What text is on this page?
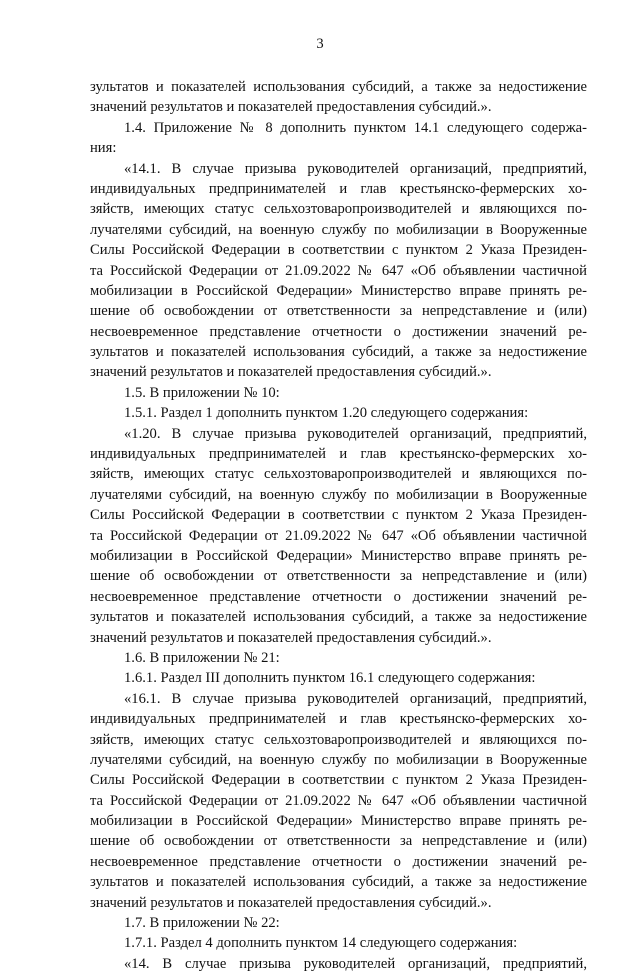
3
зультатов и показателей использования субсидий, а также за недостижение
значений результатов и показателей предоставления субсидий.».
1.4. Приложение № 8 дополнить пунктом 14.1 следующего содержа-
ния:
«14.1. В случае призыва руководителей организаций, предприятий,
индивидуальных предпринимателей и глав крестьянско-фермерских хо-
зяйств, имеющих статус сельхозтоваропроизводителей и являющихся по-
лучателями субсидий, на военную службу по мобилизации в Вооруженные
Силы Российской Федерации в соответствии с пунктом 2 Указа Президен-
та Российской Федерации от 21.09.2022 № 647 «Об объявлении частичной
мобилизации в Российской Федерации» Министерство вправе принять ре-
шение об освобождении от ответственности за непредставление и (или)
несвоевременное представление отчетности о достижении значений ре-
зультатов и показателей использования субсидий, а также за недостижение
значений результатов и показателей предоставления субсидий.».
1.5. В приложении № 10:
1.5.1. Раздел 1 дополнить пунктом 1.20 следующего содержания:
«1.20. В случае призыва руководителей организаций, предприятий,
индивидуальных предпринимателей и глав крестьянско-фермерских хо-
зяйств, имеющих статус сельхозтоваропроизводителей и являющихся по-
лучателями субсидий, на военную службу по мобилизации в Вооруженные
Силы Российской Федерации в соответствии с пунктом 2 Указа Президен-
та Российской Федерации от 21.09.2022 № 647 «Об объявлении частичной
мобилизации в Российской Федерации» Министерство вправе принять ре-
шение об освобождении от ответственности за непредставление и (или)
несвоевременное представление отчетности о достижении значений ре-
зультатов и показателей использования субсидий, а также за недостижение
значений результатов и показателей предоставления субсидий.».
1.6. В приложении № 21:
1.6.1. Раздел III дополнить пунктом 16.1 следующего содержания:
«16.1. В случае призыва руководителей организаций, предприятий,
индивидуальных предпринимателей и глав крестьянско-фермерских хо-
зяйств, имеющих статус сельхозтоваропроизводителей и являющихся по-
лучателями субсидий, на военную службу по мобилизации в Вооруженные
Силы Российской Федерации в соответствии с пунктом 2 Указа Президен-
та Российской Федерации от 21.09.2022 № 647 «Об объявлении частичной
мобилизации в Российской Федерации» Министерство вправе принять ре-
шение об освобождении от ответственности за непредставление и (или)
несвоевременное представление отчетности о достижении значений ре-
зультатов и показателей использования субсидий, а также за недостижение
значений результатов и показателей предоставления субсидий.».
1.7. В приложении № 22:
1.7.1. Раздел 4 дополнить пунктом 14 следующего содержания:
«14. В случае призыва руководителей организаций, предприятий,
